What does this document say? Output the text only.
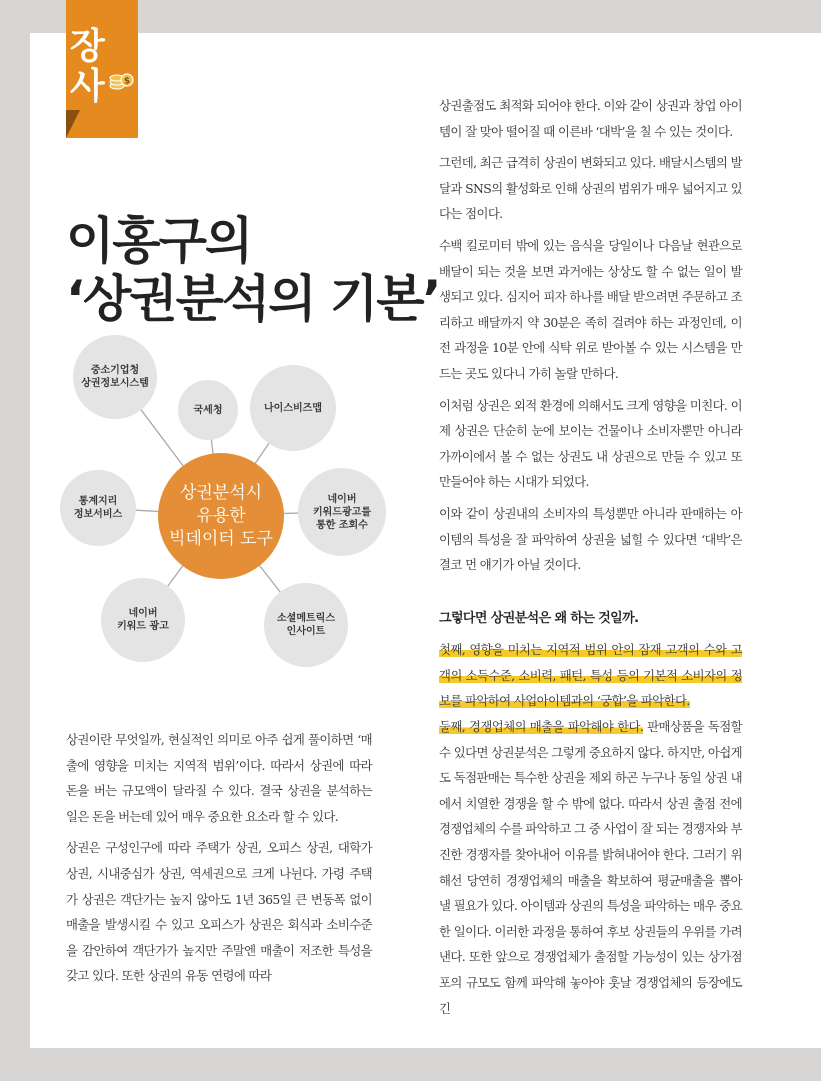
장
사	$
이홍구의
‘상권분석의 기본’
중소기업청
상권정보시스템
국세청	나이스비즈맵
통계지리
정보서비스
네이버
키워드광고를
통한 조회수
네이버
키워드 광고
소셜메트릭스
인사이트
상권분석시
유용한
빅데이터 도구

상권이란 무엇일까, 현실적인 의미로 아주 쉽게 풀이하면 ‘매출에 영향을 미치는 지역적 범위’이다. 따라서 상권에 따라 돈을 버는 규모액이 달라질 수 있다. 결국 상권을 분석하는 일은 돈을 버는데 있어 매우 중요한 요소라 할 수 있다.

상권은 구성인구에 따라 주택가 상권, 오피스 상권, 대학가 상권, 시내중심가 상권, 역세권으로 크게 나뉜다. 가령 주택가 상권은 객단가는 높지 않아도 1년 365일 큰 변동폭 없이 매출을 발생시킬 수 있고 오피스가 상권은 회식과 소비수준을 감안하여 객단가가 높지만 주말엔 매출이 저조한 특성을 갖고 있다. 또한 상권의 유동 연령에 따라

상권출점도 최적화 되어야 한다. 이와 같이 상권과 창업 아이템이 잘 맞아 떨어질 때 이른바 ‘대박’을 칠 수 있는 것이다.

그런데, 최근 급격히 상권이 변화되고 있다. 배달시스템의 발달과 SNS의 활성화로 인해 상권의 범위가 매우 넓어지고 있다는 점이다.

수백 킬로미터 밖에 있는 음식을 당일이나 다음날 현관으로 배달이 되는 것을 보면 과거에는 상상도 할 수 없는 일이 발생되고 있다. 심지어 피자 하나를 배달 받으려면 주문하고 조리하고 배달까지 약 30분은 족히 걸려야 하는 과정인데, 이 전 과정을 10분 안에 식탁 위로 받아볼 수 있는 시스템을 만드는 곳도 있다니 가히 놀랄 만하다.

이처럼 상권은 외적 환경에 의해서도 크게 영향을 미친다. 이제 상권은 단순히 눈에 보이는 건물이나 소비자뿐만 아니라 가까이에서 볼 수 없는 상권도 내 상권으로 만들 수 있고 또 만들어야 하는 시대가 되었다.

이와 같이 상권내의 소비자의 특성뿐만 아니라 판매하는 아이템의 특성을 잘 파악하여 상권을 넓힐 수 있다면 ‘대박’은 결코 먼 얘기가 아닐 것이다.

그렇다면 상권분석은 왜 하는 것일까.

첫째, 영향을 미치는 지역적 범위 안의 잠재 고객의 수와 고객의 소득수준, 소비력, 패턴, 특성 등의 기본적 소비자의 정보를 파악하여 사업아이템과의 ‘궁합’을 파악한다.

둘째, 경쟁업체의 매출을 파악해야 한다. 판매상품을 독점할 수 있다면 상권분석은 그렇게 중요하지 않다. 하지만, 아쉽게도 독점판매는 특수한 상권을 제외 하곤 누구나 동일 상권 내에서 치열한 경쟁을 할 수 밖에 없다. 따라서 상권 출점 전에 경쟁업체의 수를 파악하고 그 중 사업이 잘 되는 경쟁자와 부진한 경쟁자를 찾아내어 이유를 밝혀내어야 한다. 그러기 위해선 당연히 경쟁업체의 매출을 확보하여 평균매출을 뽑아낼 필요가 있다. 아이템과 상권의 특성을 파악하는 매우 중요한 일이다. 이러한 과정을 통하여 후보 상권들의 우위를 가려낸다. 또한 앞으로 경쟁업체가 출점할 가능성이 있는 상가점포의 규모도 함께 파악해 놓아야 훗날 경쟁업체의 등장에도 긴
